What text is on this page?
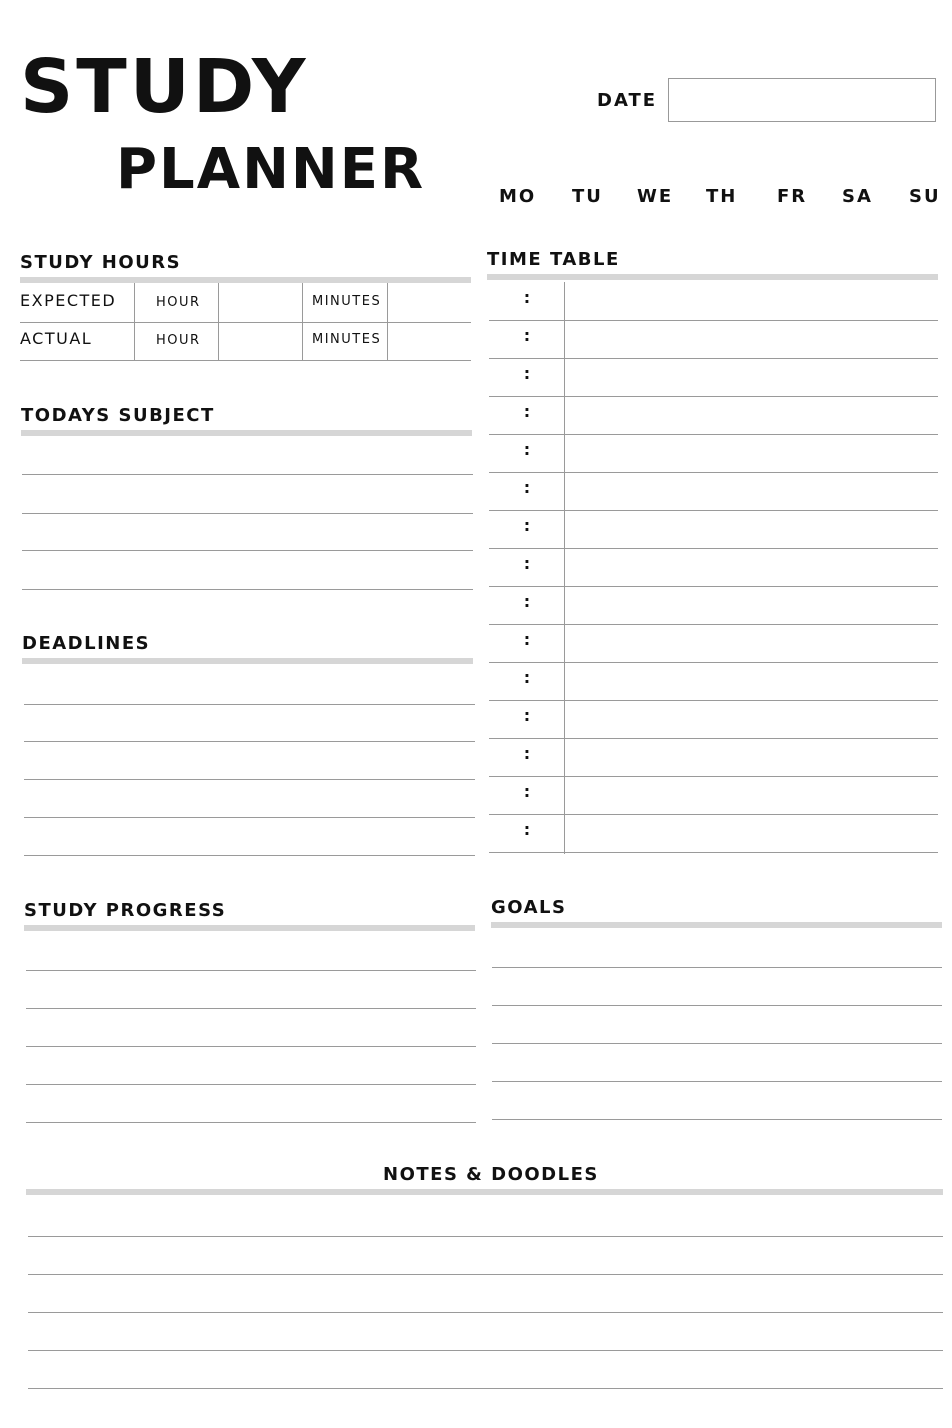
STUDY
PLANNER
DATE
MO TU WE TH FR SA SU
STUDY HOURS
EXPECTED	HOUR	MINUTES
ACTUAL	HOUR	MINUTES
TODAYS SUBJECT
DEADLINES
TIME TABLE
:
:
:
:
:
:
:
:
:
:
:
:
:
:
:
STUDY PROGRESS	GOALS
NOTES & DOODLES
